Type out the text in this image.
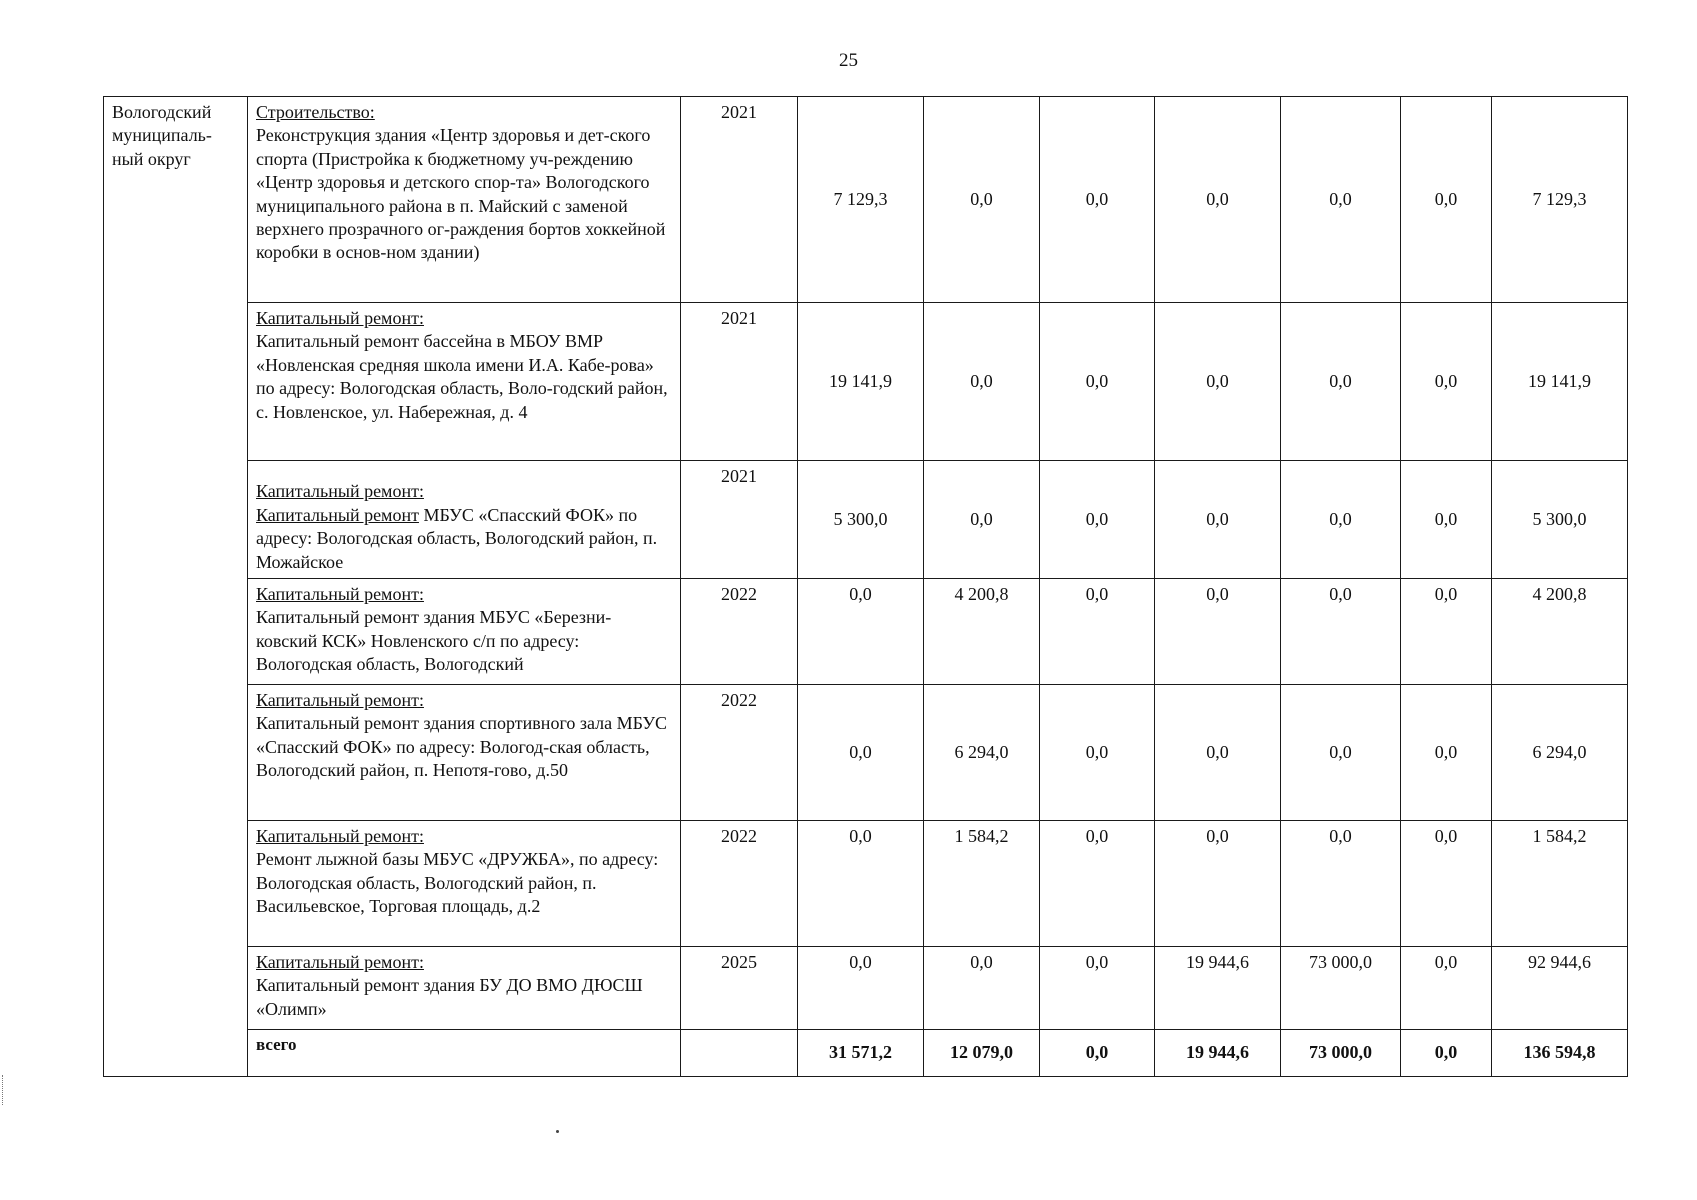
25
Вологодский муниципаль-ный округ	Строительство:
Реконструкция здания «Центр здоровья и дет-ского спорта (Пристройка к бюджетному уч-реждению «Центр здоровья и детского спор-та» Вологодского муниципального района в п. Майский с заменой верхнего прозрачного ог-раждения бортов хоккейной коробки в основ-ном здании)	2021	7 129,3	0,0	0,0	0,0	0,0	0,0	7 129,3

	Капитальный ремонт:
Капитальный ремонт бассейна в МБОУ ВМР «Новленская средняя школа имени И.А. Кабе-рова» по адресу: Вологодская область, Воло-годский район, с. Новленское, ул. Набережная, д. 4	2021	19 141,9	0,0	0,0	0,0	0,0	0,0	19 141,9

	Капитальный ремонт:
Капитальный ремонт МБУС «Спасский ФОК» по адресу: Вологодская область, Вологодский район, п. Можайское	2021	5 300,0	0,0	0,0	0,0	0,0	0,0	5 300,0

	Капитальный ремонт:
Капитальный ремонт здания МБУС «Березни-ковский КСК» Новленского с/п по адресу: Вологодская область, Вологодский	2022	0,0	4 200,8	0,0	0,0	0,0	0,0	4 200,8

	Капитальный ремонт:
Капитальный ремонт здания спортивного зала МБУС «Спасский ФОК» по адресу: Вологод-ская область, Вологодский район, п. Непотя-гово, д.50	2022	0,0	6 294,0	0,0	0,0	0,0	0,0	6 294,0

	Капитальный ремонт:
Ремонт лыжной базы МБУС «ДРУЖБА», по адресу: Вологодская область, Вологодский район, п. Васильевское, Торговая площадь, д.2	2022	0,0	1 584,2	0,0	0,0	0,0	0,0	1 584,2

	Капитальный ремонт:
Капитальный ремонт здания БУ ДО ВМО ДЮСШ «Олимп»	2025	0,0	0,0	0,0	19 944,6	73 000,0	0,0	92 944,6
	всего		31 571,2	12 079,0	0,0	19 944,6	73 000,0	0,0	136 594,8
